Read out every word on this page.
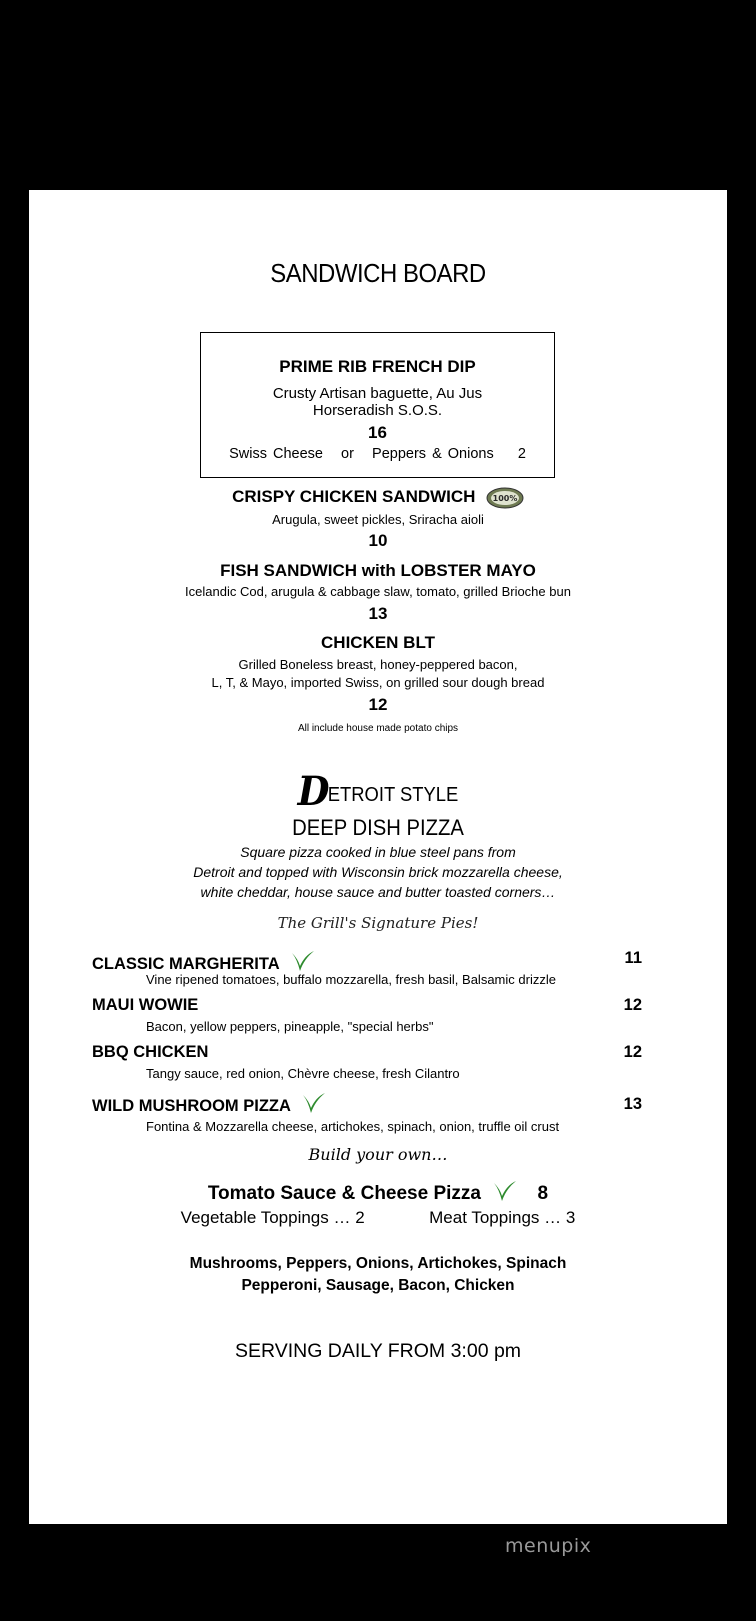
SANDWICH BOARD
PRIME RIB FRENCH DIP
Crusty Artisan baguette, Au Jus
Horseradish S.O.S.
16
Swiss Cheese   or   Peppers & Onions    2
CRISPY CHICKEN SANDWICH 100%
Arugula, sweet pickles, Sriracha aioli
10
FISH SANDWICH with LOBSTER MAYO
Icelandic Cod, arugula & cabbage slaw, tomato, grilled Brioche bun
13
CHICKEN BLT
Grilled Boneless breast, honey-peppered bacon,
L, T, & Mayo, imported Swiss, on grilled sour dough bread
12
All include house made potato chips
DETROIT STYLE
DEEP DISH PIZZA
Square pizza cooked in blue steel pans from
Detroit and topped with Wisconsin brick mozzarella cheese,
white cheddar, house sauce and butter toasted corners…
The Grill's Signature Pies!
CLASSIC MARGHERITA	11
Vine ripened tomatoes, buffalo mozzarella, fresh basil, Balsamic drizzle
MAUI WOWIE	12
Bacon, yellow peppers, pineapple, "special herbs"
BBQ CHICKEN	12
Tangy sauce, red onion, Chèvre cheese, fresh Cilantro
WILD MUSHROOM PIZZA	13
Fontina & Mozzarella cheese, artichokes, spinach, onion, truffle oil crust
Build your own…
Tomato Sauce & Cheese Pizza	8
Vegetable Toppings … 2	Meat Toppings … 3
Mushrooms, Peppers, Onions, Artichokes, Spinach
Pepperoni, Sausage, Bacon, Chicken
SERVING DAILY FROM 3:00 pm
menupix
